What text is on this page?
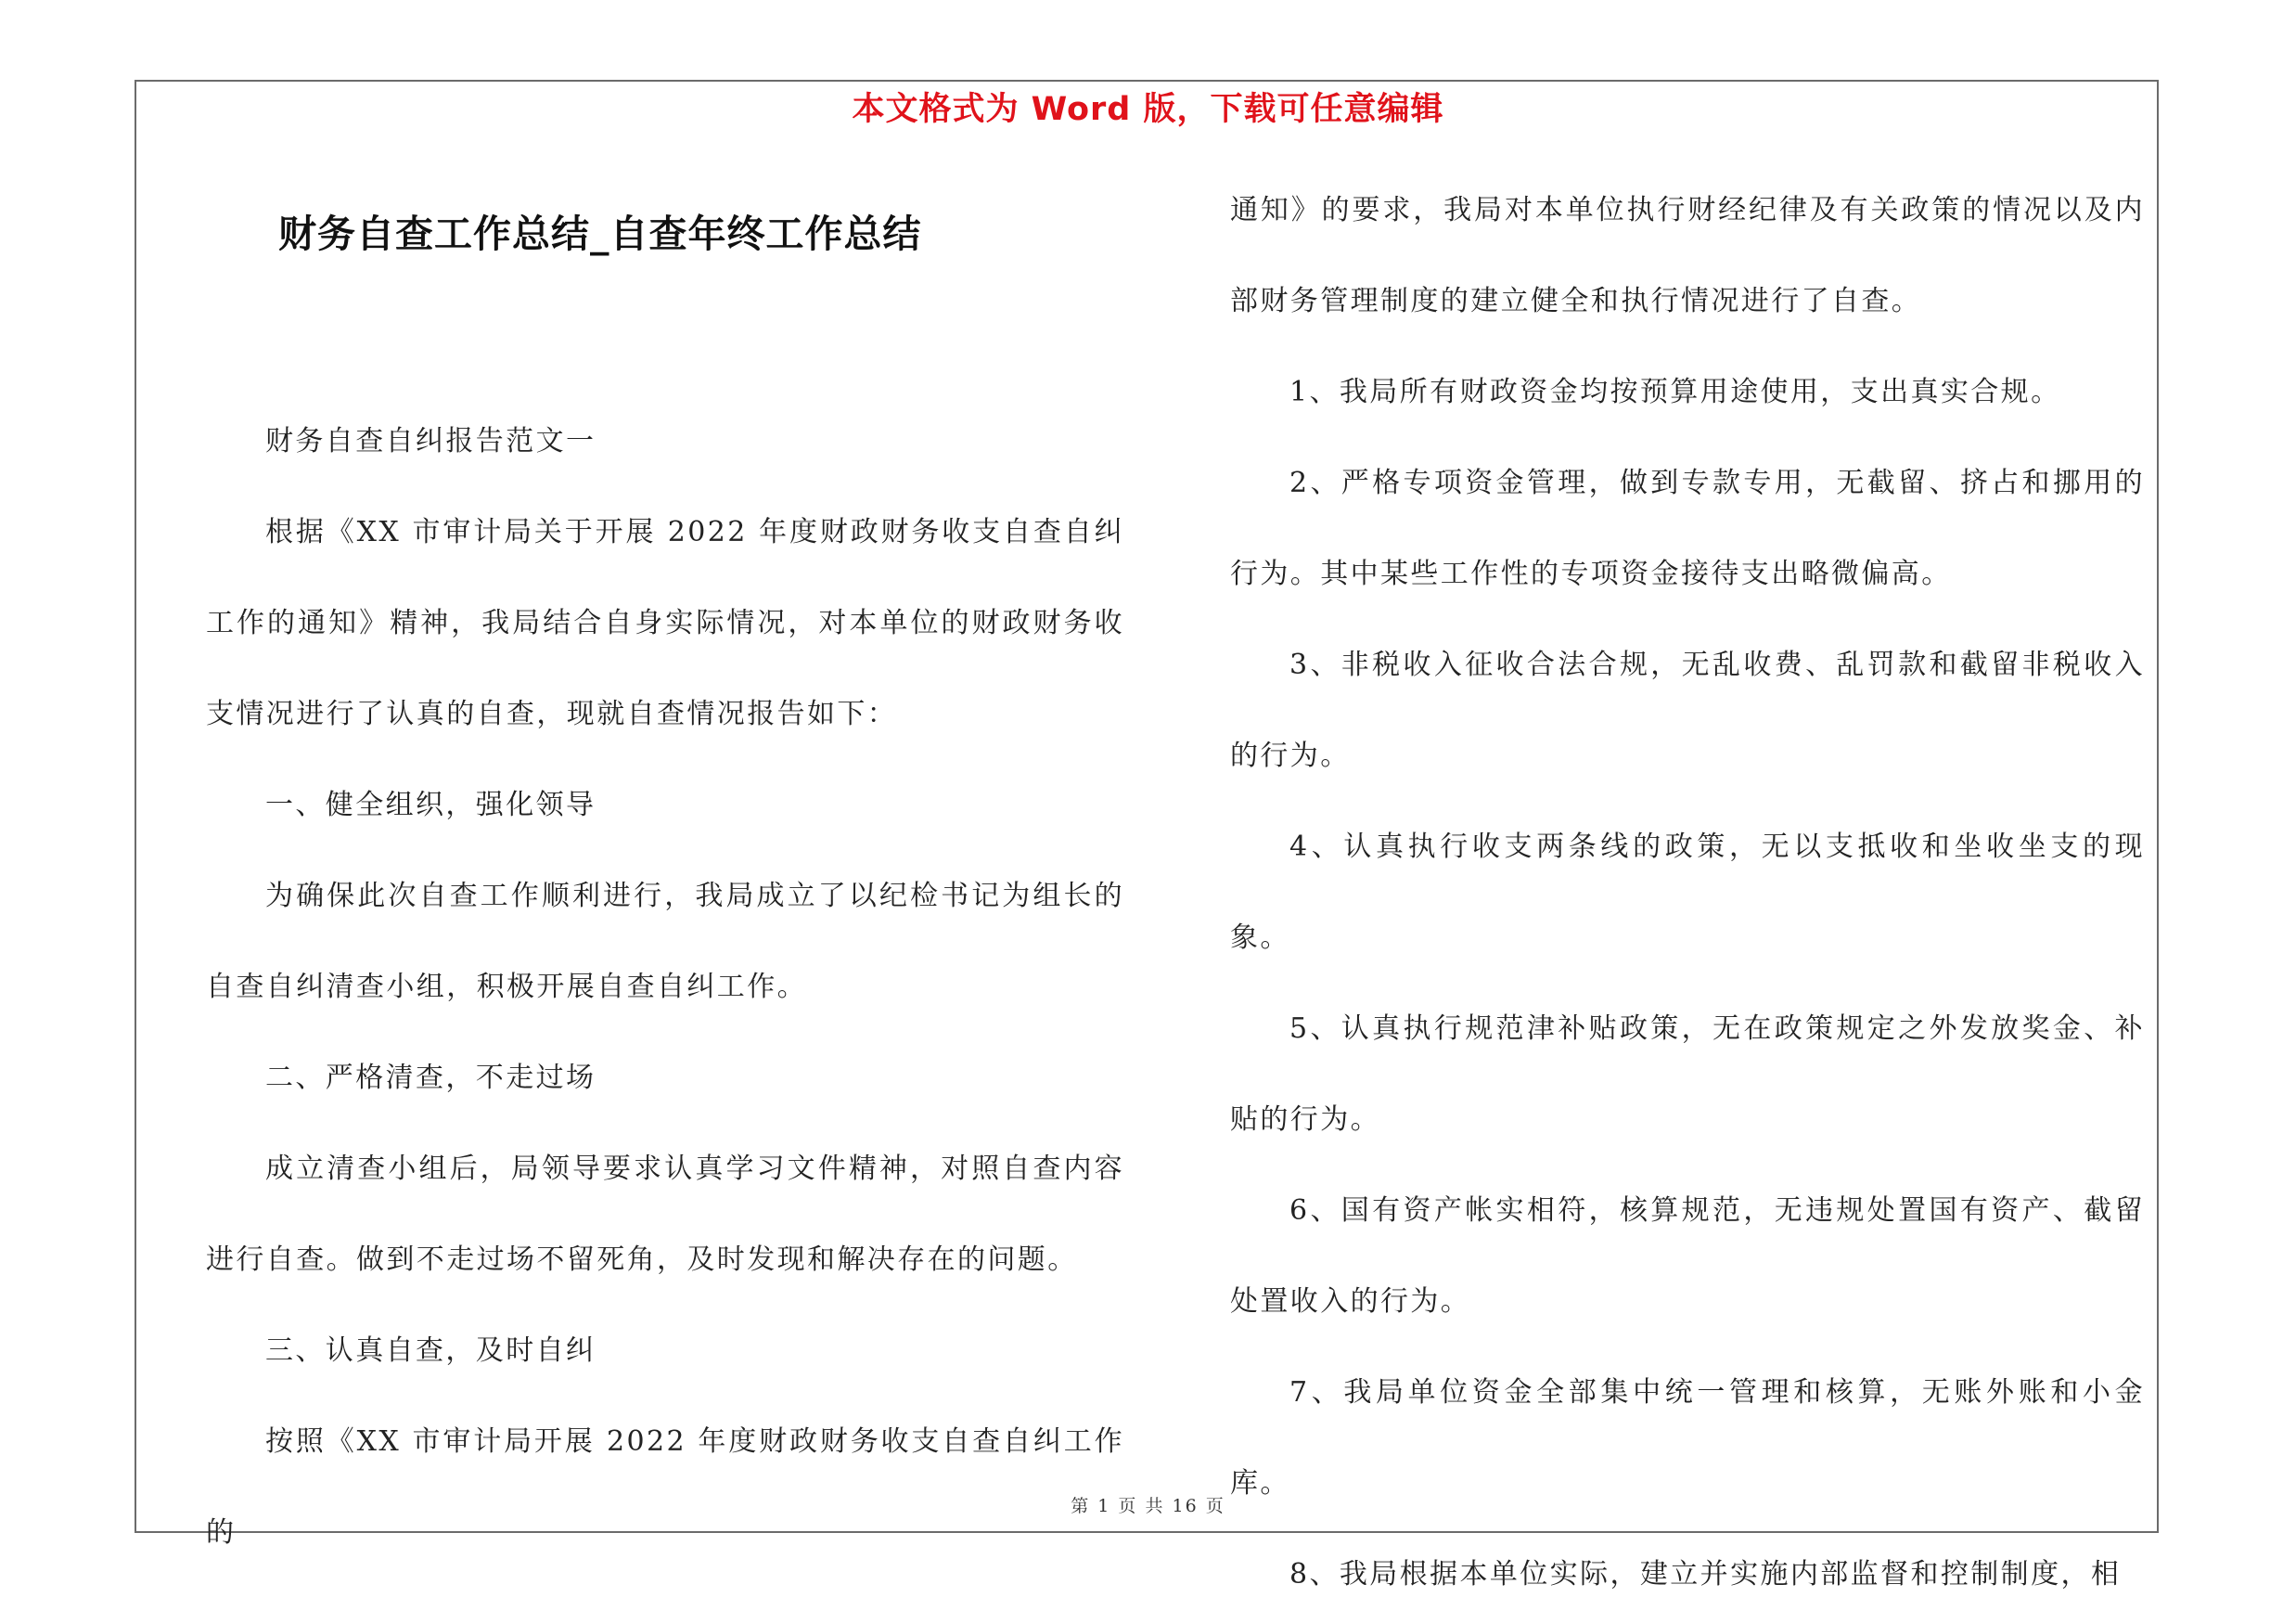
本文格式为 Word 版，下载可任意编辑
财务自查工作总结_自查年终工作总结

财务自查自纠报告范文一

根据《XX 市审计局关于开展 2022 年度财政财务收支自查自纠工作的通知》精神，我局结合自身实际情况，对本单位的财政财务收支情况进行了认真的自查，现就自查情况报告如下：

一、健全组织，强化领导

为确保此次自查工作顺利进行，我局成立了以纪检书记为组长的自查自纠清查小组，积极开展自查自纠工作。

二、严格清查，不走过场

成立清查小组后，局领导要求认真学习文件精神，对照自查内容进行自查。做到不走过场不留死角，及时发现和解决存在的问题。

三、认真自查，及时自纠

按照《XX 市审计局开展 2022 年度财政财务收支自查自纠工作的

通知》的要求，我局对本单位执行财经纪律及有关政策的情况以及内部财务管理制度的建立健全和执行情况进行了自查。

1、我局所有财政资金均按预算用途使用，支出真实合规。

2、严格专项资金管理，做到专款专用，无截留、挤占和挪用的行为。其中某些工作性的专项资金接待支出略微偏高。

3、非税收入征收合法合规，无乱收费、乱罚款和截留非税收入的行为。

4、认真执行收支两条线的政策，无以支抵收和坐收坐支的现象。

5、认真执行规范津补贴政策，无在政策规定之外发放奖金、补贴的行为。

6、国有资产帐实相符，核算规范，无违规处置国有资产、截留处置收入的行为。

7、我局单位资金全部集中统一管理和核算，无账外账和小金库。

8、我局根据本单位实际，建立并实施内部监督和控制制度，相

第 1 页 共 16 页
